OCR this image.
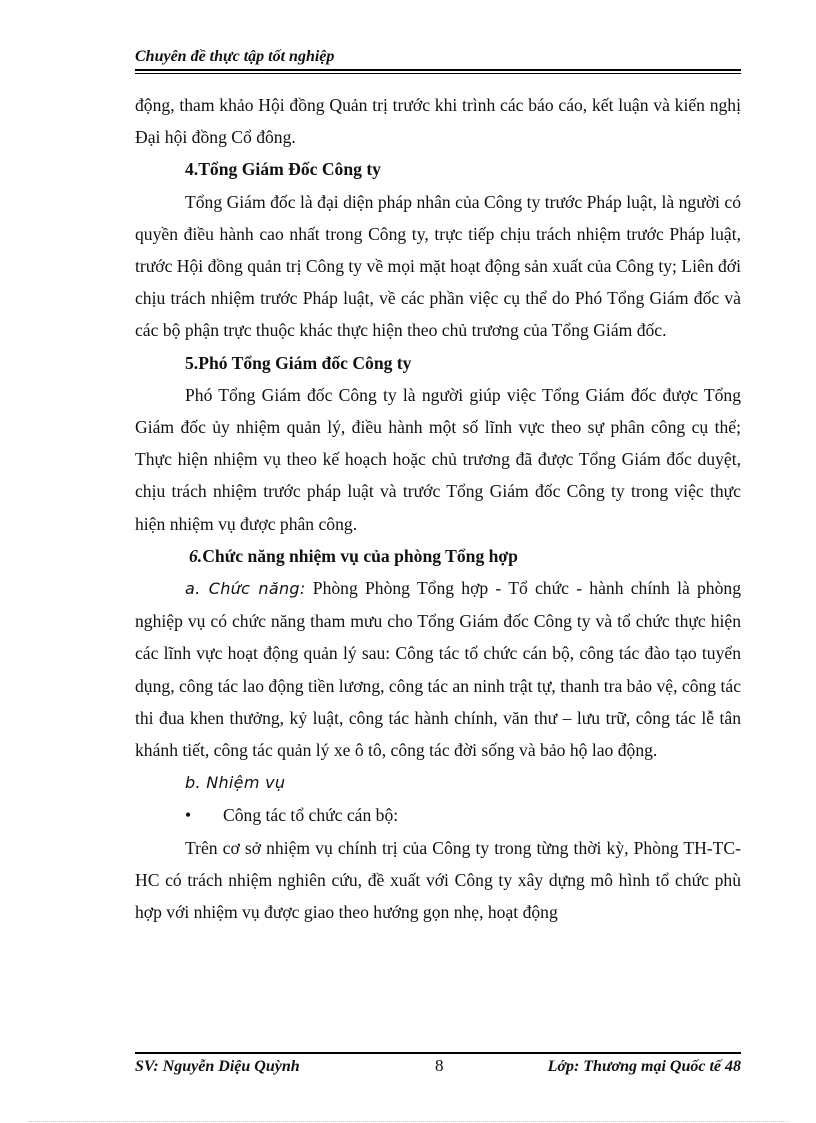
Chuyên đề thực tập tốt nghiệp

động, tham khảo Hội đồng Quản trị trước khi trình các báo cáo, kết luận và kiến nghị Đại hội đồng Cổ đông.

4.Tổng Giám Đốc Công ty

Tổng Giám đốc là đại diện pháp nhân của Công ty trước Pháp luật, là người có quyền điều hành cao nhất trong Công ty, trực tiếp chịu trách nhiệm trước Pháp luật, trước Hội đồng quản trị Công ty về mọi mặt hoạt động sản xuất của Công ty; Liên đới chịu trách nhiệm trước Pháp luật, về các phần việc cụ thể do Phó Tổng Giám đốc và các bộ phận trực thuộc khác thực hiện theo chủ trương của Tổng Giám đốc.

5.Phó Tổng Giám đốc Công ty

Phó Tổng Giám đốc Công ty là người giúp việc Tổng Giám đốc được Tổng Giám đốc ủy nhiệm quản lý, điều hành một số lĩnh vực theo sự phân công cụ thể; Thực hiện nhiệm vụ theo kế hoạch hoặc chủ trương đã được Tổng Giám đốc duyệt, chịu trách nhiệm trước pháp luật và trước Tổng Giám đốc Công ty trong việc thực hiện nhiệm vụ được phân công.

6.Chức năng nhiệm vụ của phòng Tổng hợp

a. Chức năng: Phòng Phòng Tổng hợp - Tổ chức - hành chính là phòng nghiệp vụ có chức năng tham mưu cho Tổng Giám đốc Công ty và tổ chức thực hiện các lĩnh vực hoạt động quản lý sau: Công tác tổ chức cán bộ, công tác đào tạo tuyển dụng, công tác lao động tiền lương, công tác an ninh trật tự, thanh tra bảo vệ, công tác thi đua khen thưởng, kỷ luật, công tác hành chính, văn thư – lưu trữ, công tác lễ tân khánh tiết, công tác quản lý xe ô tô, công tác đời sống và bảo hộ lao động.

b. Nhiệm vụ

• Công tác tổ chức cán bộ:

Trên cơ sở nhiệm vụ chính trị của Công ty trong từng thời kỳ, Phòng TH-TC-HC có trách nhiệm nghiên cứu, đề xuất với Công ty xây dựng mô hình tổ chức phù hợp với nhiệm vụ được giao theo hướng gọn nhẹ, hoạt động

SV: Nguyễn Diệu Quỳnh	8	Lớp: Thương mại Quốc tế 48
